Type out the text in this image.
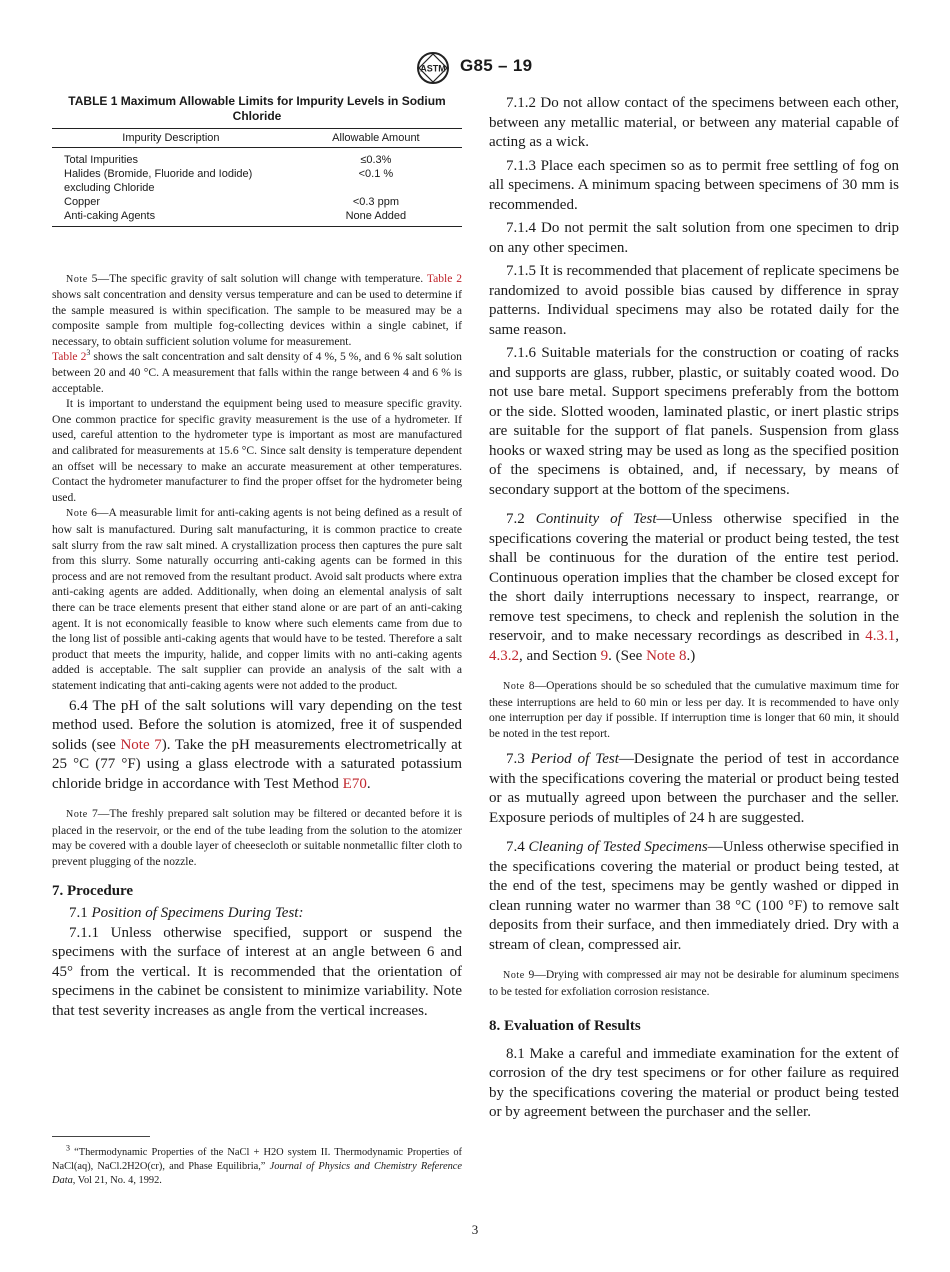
ASTM G85 – 19

TABLE 1 Maximum Allowable Limits for Impurity Levels in Sodium Chloride

Impurity Description	Allowable Amount

Total Impurities	≤0.3%
Halides (Bromide, Fluoride and Iodide) excluding Chloride	<0.1 %
Copper	<0.3 ppm
Anti-caking Agents	None Added

Note 5—The specific gravity of salt solution will change with temperature. Table 2 shows salt concentration and density versus temperature and can be used to determine if the sample measured is within specification. The sample to be measured may be a composite sample from multiple fog-collecting devices within a single cabinet, if necessary, to obtain sufficient solution volume for measurement.

Table $2^3$ shows the salt concentration and salt density of 4 %, 5 %, and 6 % salt solution between 20 and 40 °C. A measurement that falls within the range between 4 and 6 % is acceptable.

It is important to understand the equipment being used to measure specific gravity. One common practice for specific gravity measurement is the use of a hydrometer. If used, careful attention to the hydrometer type is important as most are manufactured and calibrated for measurements at 15.6 °C. Since salt density is temperature dependent an offset will be necessary to make an accurate measurement at other temperatures. Contact the hydrometer manufacturer to find the proper offset for the hydrometer being used.

Note 6—A measurable limit for anti-caking agents is not being defined as a result of how salt is manufactured. During salt manufacturing, it is common practice to create salt slurry from the raw salt mined. A crystallization process then captures the pure salt from this slurry. Some naturally occurring anti-caking agents can be formed in this process and are not removed from the resultant product. Avoid salt products where extra anti-caking agents are added. Additionally, when doing an elemental analysis of salt there can be trace elements present that either stand alone or are part of an anti-caking agent. It is not economically feasible to know where such elements came from due to the long list of possible anti-caking agents that would have to be tested. Therefore a salt product that meets the impurity, halide, and copper limits with no anti-caking agents added is acceptable. The salt supplier can provide an analysis of the salt with a statement indicating that anti-caking agents were not added to the product.

6.4 The pH of the salt solutions will vary depending on the test method used. Before the solution is atomized, free it of suspended solids (see Note 7). Take the pH measurements electrometrically at 25 °C (77 °F) using a glass electrode with a saturated potassium chloride bridge in accordance with Test Method E70.

Note 7—The freshly prepared salt solution may be filtered or decanted before it is placed in the reservoir, or the end of the tube leading from the solution to the atomizer may be covered with a double layer of cheesecloth or suitable nonmetallic filter cloth to prevent plugging of the nozzle.

7. Procedure

7.1 Position of Specimens During Test:

7.1.1 Unless otherwise specified, support or suspend the specimens with the surface of interest at an angle between 6 and 45° from the vertical. It is recommended that the orientation of specimens in the cabinet be consistent to minimize variability. Note that test severity increases as angle from the vertical increases.

$^3$ “Thermodynamic Properties of the NaCl + H2O system II. Thermodynamic Properties of NaCl(aq), NaCl.2H2O(cr), and Phase Equilibria,” Journal of Physics and Chemistry Reference Data, Vol 21, No. 4, 1992.

7.1.2 Do not allow contact of the specimens between each other, between any metallic material, or between any material capable of acting as a wick.

7.1.3 Place each specimen so as to permit free settling of fog on all specimens. A minimum spacing between specimens of 30 mm is recommended.

7.1.4 Do not permit the salt solution from one specimen to drip on any other specimen.

7.1.5 It is recommended that placement of replicate specimens be randomized to avoid possible bias caused by difference in spray patterns. Individual specimens may also be rotated daily for the same reason.

7.1.6 Suitable materials for the construction or coating of racks and supports are glass, rubber, plastic, or suitably coated wood. Do not use bare metal. Support specimens preferably from the bottom or the side. Slotted wooden, laminated plastic, or inert plastic strips are suitable for the support of flat panels. Suspension from glass hooks or waxed string may be used as long as the specified position of the specimens is obtained, and, if necessary, by means of secondary support at the bottom of the specimens.

7.2 Continuity of Test—Unless otherwise specified in the specifications covering the material or product being tested, the test shall be continuous for the duration of the entire test period. Continuous operation implies that the chamber be closed except for the short daily interruptions necessary to inspect, rearrange, or remove test specimens, to check and replenish the solution in the reservoir, and to make necessary recordings as described in 4.3.1, 4.3.2, and Section 9. (See Note 8.)

Note 8—Operations should be so scheduled that the cumulative maximum time for these interruptions are held to 60 min or less per day. It is recommended to have only one interruption per day if possible. If interruption time is longer that 60 min, it should be noted in the test report.

7.3 Period of Test—Designate the period of test in accordance with the specifications covering the material or product being tested or as mutually agreed upon between the purchaser and the seller. Exposure periods of multiples of 24 h are suggested.

7.4 Cleaning of Tested Specimens—Unless otherwise specified in the specifications covering the material or product being tested, at the end of the test, specimens may be gently washed or dipped in clean running water no warmer than 38 °C (100 °F) to remove salt deposits from their surface, and then immediately dried. Dry with a stream of clean, compressed air.

Note 9—Drying with compressed air may not be desirable for aluminum specimens to be tested for exfoliation corrosion resistance.

8. Evaluation of Results

8.1 Make a careful and immediate examination for the extent of corrosion of the dry test specimens or for other failure as required by the specifications covering the material or product being tested or by agreement between the purchaser and the seller.

3
